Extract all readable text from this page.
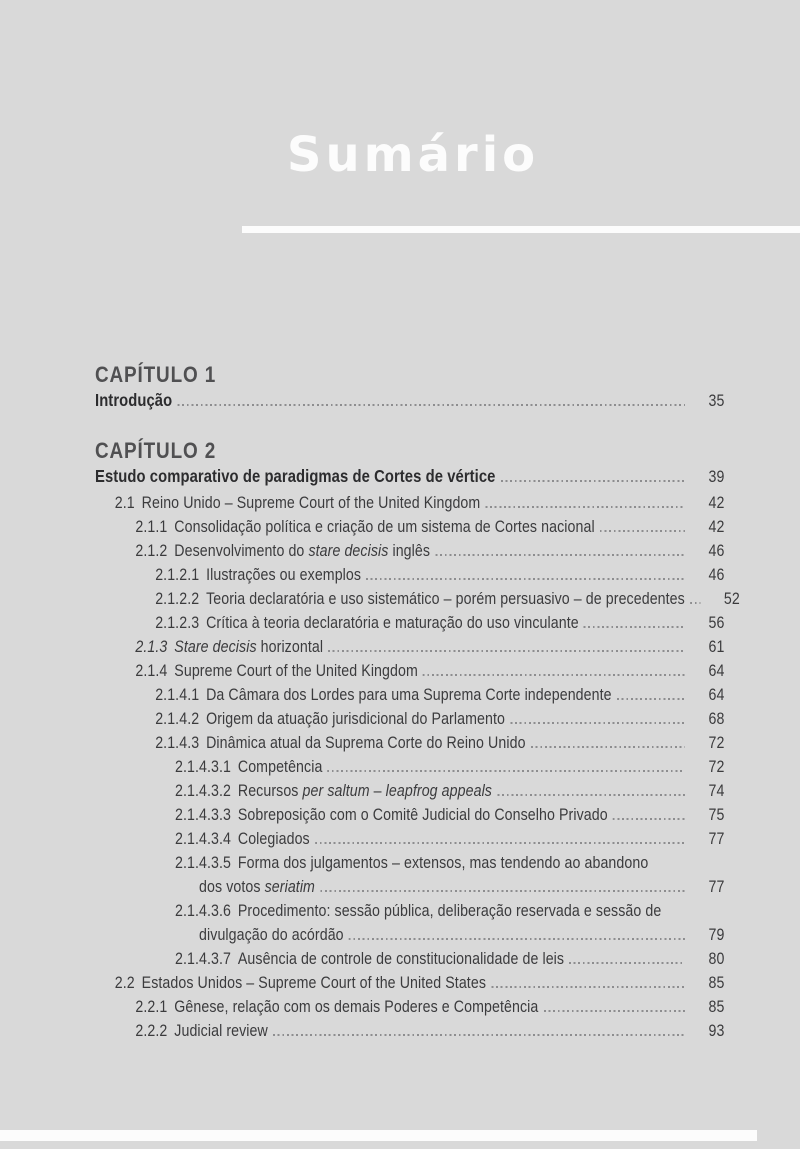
Sumário
CAPÍTULO 1
Introdução	35
CAPÍTULO 2
Estudo comparativo de paradigmas de Cortes de vértice	39
2.1 Reino Unido – Supreme Court of the United Kingdom	42
2.1.1 Consolidação política e criação de um sistema de Cortes nacional	42
2.1.2 Desenvolvimento do stare decisis inglês	46
2.1.2.1 Ilustrações ou exemplos	46
2.1.2.2 Teoria declaratória e uso sistemático – porém persuasivo – de precedentes	52
2.1.2.3 Crítica à teoria declaratória e maturação do uso vinculante	56
2.1.3 Stare decisis horizontal	61
2.1.4 Supreme Court of the United Kingdom	64
2.1.4.1 Da Câmara dos Lordes para uma Suprema Corte independente	64
2.1.4.2 Origem da atuação jurisdicional do Parlamento	68
2.1.4.3 Dinâmica atual da Suprema Corte do Reino Unido	72
2.1.4.3.1 Competência	72
2.1.4.3.2 Recursos per saltum – leapfrog appeals	74
2.1.4.3.3 Sobreposição com o Comitê Judicial do Conselho Privado	75
2.1.4.3.4 Colegiados	77
2.1.4.3.5 Forma dos julgamentos – extensos, mas tendendo ao abandono
dos votos seriatim	77
2.1.4.3.6 Procedimento: sessão pública, deliberação reservada e sessão de
divulgação do acórdão	79
2.1.4.3.7 Ausência de controle de constitucionalidade de leis	80
2.2 Estados Unidos – Supreme Court of the United States	85
2.2.1 Gênese, relação com os demais Poderes e Competência	85
2.2.2 Judicial review	93
